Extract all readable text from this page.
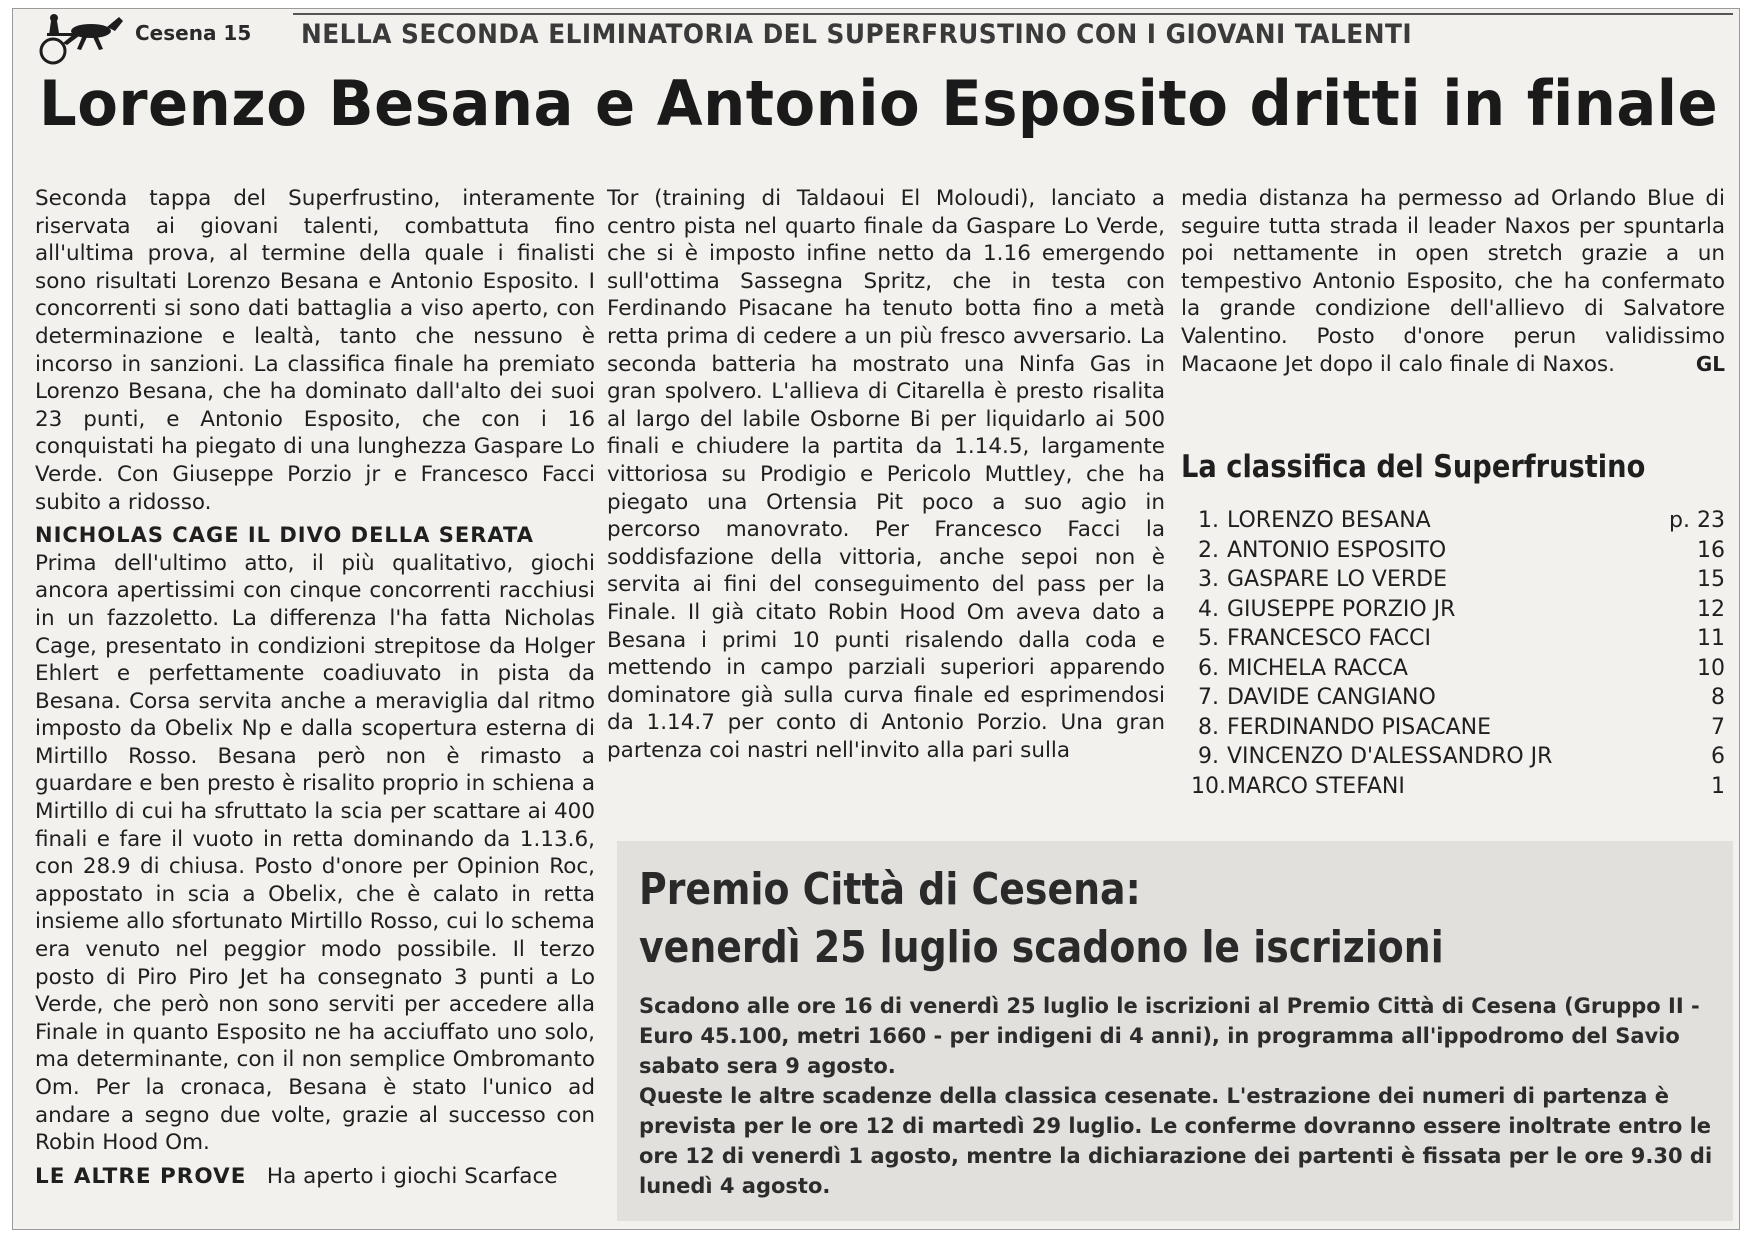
Cesena 15 NELLA SECONDA ELIMINATORIA DEL SUPERFRUSTINO CON I GIOVANI TALENTI
Lorenzo Besana e Antonio Esposito dritti in finale

Seconda tappa del Superfrustino, interamente riservata ai giovani talenti, combattuta fino all'ultima prova, al termine della quale i finalisti sono risultati Lorenzo Besana e Antonio Esposito. I concorrenti si sono dati battaglia a viso aperto, con determinazione e lealtà, tanto che nessuno è incorso in sanzioni. La classifica finale ha premiato Lorenzo Besana, che ha dominato dall'alto dei suoi 23 punti, e Antonio Esposito, che con i 16 conquistati ha piegato di una lunghezza Gaspare Lo Verde. Con Giuseppe Porzio jr e Francesco Facci subito a ridosso.

NICHOLAS CAGE IL DIVO DELLA SERATA

Prima dell'ultimo atto, il più qualitativo, giochi ancora apertissimi con cinque concorrenti racchiusi in un fazzoletto. La differenza l'ha fatta Nicholas Cage, presentato in condizioni strepitose da Holger Ehlert e perfettamente coadiuvato in pista da Besana. Corsa servita anche a meraviglia dal ritmo imposto da Obelix Np e dalla scopertura esterna di Mirtillo Rosso. Besana però non è rimasto a guardare e ben presto è risalito proprio in schiena a Mirtillo di cui ha sfruttato la scia per scattare ai 400 finali e fare il vuoto in retta dominando da 1.13.6, con 28.9 di chiusa. Posto d'onore per Opinion Roc, appostato in scia a Obelix, che è calato in retta insieme allo sfortunato Mirtillo Rosso, cui lo schema era venuto nel peggior modo possibile. Il terzo posto di Piro Piro Jet ha consegnato 3 punti a Lo Verde, che però non sono serviti per accedere alla Finale in quanto Esposito ne ha acciuffato uno solo, ma determinante, con il non semplice Ombromanto Om. Per la cronaca, Besana è stato l'unico ad andare a segno due volte, grazie al successo con Robin Hood Om.

LE ALTRE PROVE Ha aperto i giochi Scarface

Tor (training di Taldaoui El Moloudi), lanciato a centro pista nel quarto finale da Gaspare Lo Verde, che si è imposto infine netto da 1.16 emergendo sull'ottima Sassegna Spritz, che in testa con Ferdinando Pisacane ha tenuto botta fino a metà retta prima di cedere a un più fresco avversario. La seconda batteria ha mostrato una Ninfa Gas in gran spolvero. L'allieva di Citarella è presto risalita al largo del labile Osborne Bi per liquidarlo ai 500 finali e chiudere la partita da 1.14.5, largamente vittoriosa su Prodigio e Pericolo Muttley, che ha piegato una Ortensia Pit poco a suo agio in percorso manovrato. Per Francesco Facci la soddisfazione della vittoria, anche sepoi non è servita ai fini del conseguimento del pass per la Finale. Il già citato Robin Hood Om aveva dato a Besana i primi 10 punti risalendo dalla coda e mettendo in campo parziali superiori apparendo dominatore già sulla curva finale ed esprimendosi da 1.14.7 per conto di Antonio Porzio. Una gran partenza coi nastri nell'invito alla pari sulla

media distanza ha permesso ad Orlando Blue di seguire tutta strada il leader Naxos per spuntarla poi nettamente in open stretch grazie a un tempestivo Antonio Esposito, che ha confermato la grande condizione dell'allievo di Salvatore Valentino. Posto d'onore perun validissimo Macaone Jet dopo il calo finale di Naxos.	GL

La classifica del Superfrustino
1. LORENZO BESANA	p. 23
2. ANTONIO ESPOSITO	16
3. GASPARE LO VERDE	15
4. GIUSEPPE PORZIO JR	12
5. FRANCESCO FACCI	11
6. MICHELA RACCA	10
7. DAVIDE CANGIANO	8
8. FERDINANDO PISACANE	7
9. VINCENZO D'ALESSANDRO JR	6
10.MARCO STEFANI	1
Premio Città di Cesena:
venerdì 25 luglio scadono le iscrizioni

Scadono alle ore 16 di venerdì 25 luglio le iscrizioni al Premio Città di Cesena (Gruppo II - Euro 45.100, metri 1660 - per indigeni di 4 anni), in programma all'ippodromo del Savio sabato sera 9 agosto.

Queste le altre scadenze della classica cesenate. L'estrazione dei numeri di partenza è prevista per le ore 12 di martedì 29 luglio. Le conferme dovranno essere inoltrate entro le ore 12 di venerdì 1 agosto, mentre la dichiarazione dei partenti è fissata per le ore 9.30 di lunedì 4 agosto.
